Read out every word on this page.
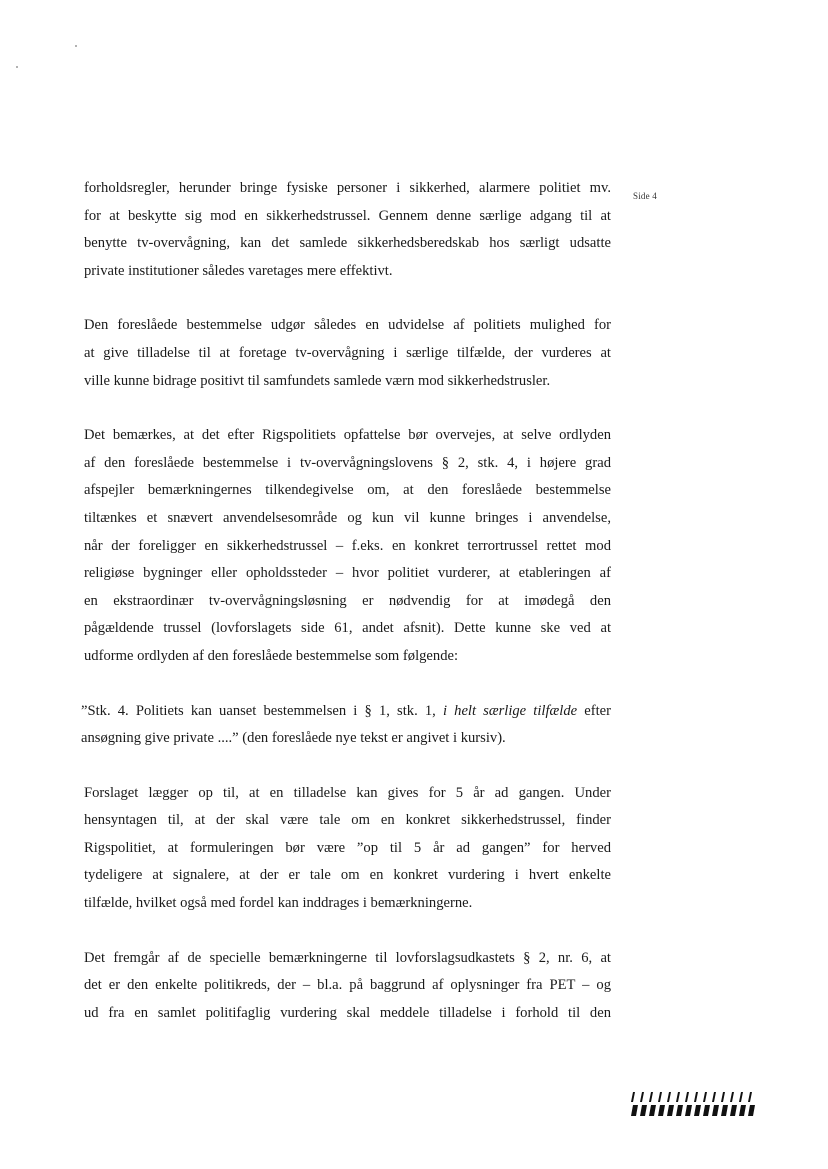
Side 4

forholdsregler, herunder bringe fysiske personer i sikkerhed, alarmere politiet mv.
for at beskytte sig mod en sikkerhedstrussel. Gennem denne særlige adgang til at
benytte tv-overvågning, kan det samlede sikkerhedsberedskab hos særligt udsatte
private institutioner således varetages mere effektivt.

Den foreslåede bestemmelse udgør således en udvidelse af politiets mulighed for
at give tilladelse til at foretage tv-overvågning i særlige tilfælde, der vurderes at
ville kunne bidrage positivt til samfundets samlede værn mod sikkerhedstrusler.

Det bemærkes, at det efter Rigspolitiets opfattelse bør overvejes, at selve ordlyden
af den foreslåede bestemmelse i tv-overvågningslovens § 2, stk. 4, i højere grad
afspejler bemærkningernes tilkendegivelse om, at den foreslåede bestemmelse
tiltænkes et snævert anvendelsesområde og kun vil kunne bringes i anvendelse,
når der foreligger en sikkerhedstrussel – f.eks. en konkret terrortrussel rettet mod
religiøse bygninger eller opholdssteder – hvor politiet vurderer, at etableringen af
en ekstraordinær tv-overvågningsløsning er nødvendig for at imødegå den
pågældende trussel (lovforslagets side 61, andet afsnit). Dette kunne ske ved at
udforme ordlyden af den foreslåede bestemmelse som følgende:

”Stk. 4. Politiets kan uanset bestemmelsen i § 1, stk. 1, i helt særlige tilfælde efter
ansøgning give private ....” (den foreslåede nye tekst er angivet i kursiv).

Forslaget lægger op til, at en tilladelse kan gives for 5 år ad gangen. Under
hensyntagen til, at der skal være tale om en konkret sikkerhedstrussel, finder
Rigspolitiet, at formuleringen bør være ”op til 5 år ad gangen” for herved
tydeligere at signalere, at der er tale om en konkret vurdering i hvert enkelte
tilfælde, hvilket også med fordel kan inddrages i bemærkningerne.

Det fremgår af de specielle bemærkningerne til lovforslagsudkastets § 2, nr. 6, at
det er den enkelte politikreds, der – bl.a. på baggrund af oplysninger fra PET – og
ud fra en samlet politifaglig vurdering skal meddele tilladelse i forhold til den
